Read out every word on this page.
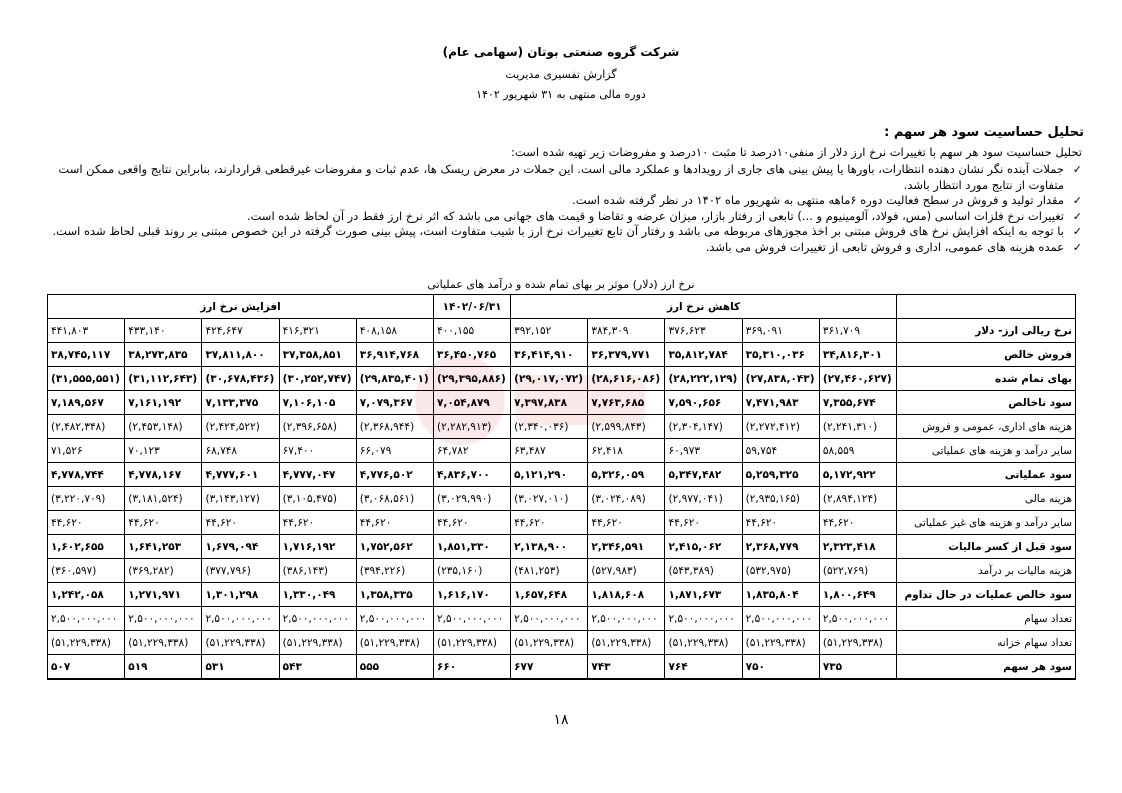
شرکت گروه صنعتی بوتان (سهامی عام)
گزارش تفسیری مدیریت
دوره مالی منتهی به ۳۱ شهریور ۱۴۰۲
تحلیل حساسیت سود هر سهم :
تحلیل حساسیت سود هر سهم با تغییرات نرخ ارز دلار از منفی۱۰درصد تا مثبت ۱۰درصد و مفروضات زیر تهیه شده است:
✓
جملات آینده نگر نشان دهنده انتظارات، باورها یا پیش بینی های جاری از رویدادها و عملکرد مالی است. این جملات در معرض ریسک ها، عدم ثبات و مفروضات غیرقطعی قراردارند، بنابراین نتایج واقعی ممکن است متفاوت از نتایج مورد انتظار باشد.
✓
مقدار تولید و فروش در سطح فعالیت دوره ۶ماهه منتهی به شهریور ماه ۱۴۰۲ در نظر گرفته شده است.
✓
تغییرات نرخ فلزات اساسی (مس، فولاد، آلومینیوم و ...) تابعی از رفتار بازار، میزان عرضه و تقاضا و قیمت های جهانی می باشد که اثر نرخ ارز فقط در آن لحاظ شده است.
✓
با توجه به اینکه افزایش نرخ های فروش مبتنی بر اخذ مجوزهای مربوطه می باشد و رفتار آن تابع تغییرات نرخ ارز با شیب متفاوت است، پیش بینی صورت گرفته در این خصوص مبتنی بر روند قبلی لحاظ شده است.
✓
عمده هزینه های عمومی، اداری و فروش تابعی از تغییرات فروش می باشد.
نرخ ارز (دلار) موثر بر بهای تمام شده و درآمد های عملیاتی
	کاهش نرخ ارز					۱۴۰۲/۰۶/۳۱	افزایش نرخ ارز				
نرخ ریالی ارز- دلار	۳۶۱,۷۰۹	۳۶۹,۰۹۱	۳۷۶,۶۲۳	۳۸۴,۳۰۹	۳۹۲,۱۵۲	۴۰۰,۱۵۵	۴۰۸,۱۵۸	۴۱۶,۳۲۱	۴۲۴,۶۴۷	۴۳۳,۱۴۰	۴۴۱,۸۰۳
فروش خالص	۳۴,۸۱۶,۳۰۱	۳۵,۳۱۰,۰۳۶	۳۵,۸۱۲,۷۸۴	۳۶,۳۷۹,۷۷۱	۳۶,۴۱۴,۹۱۰	۳۶,۴۵۰,۷۶۵	۳۶,۹۱۴,۷۶۸	۳۷,۳۵۸,۸۵۱	۳۷,۸۱۱,۸۰۰	۳۸,۲۷۳,۸۳۵	۳۸,۷۴۵,۱۱۷
بهای تمام شده	(۲۷,۴۶۰,۶۲۷)	(۲۷,۸۳۸,۰۴۳)	(۲۸,۲۲۲,۱۲۹)	(۲۸,۶۱۶,۰۸۶)	(۲۹,۰۱۷,۰۷۲)	(۲۹,۳۹۵,۸۸۶)	(۲۹,۸۳۵,۴۰۱)	(۳۰,۲۵۲,۷۴۷)	(۳۰,۶۷۸,۴۳۶)	(۳۱,۱۱۲,۶۴۳)	(۳۱,۵۵۵,۵۵۱)
سود ناخالص	۷,۳۵۵,۶۷۴	۷,۴۷۱,۹۸۳	۷,۵۹۰,۶۵۶	۷,۷۶۳,۶۸۵	۷,۳۹۷,۸۳۸	۷,۰۵۴,۸۷۹	۷,۰۷۹,۳۶۷	۷,۱۰۶,۱۰۵	۷,۱۳۳,۳۷۵	۷,۱۶۱,۱۹۲	۷,۱۸۹,۵۶۷
هزینه های اداری، عمومی و فروش	(۲,۲۴۱,۳۱۰)	(۲,۲۷۲,۴۱۲)	(۲,۳۰۴,۱۴۷)	(۲,۵۹۹,۸۴۳)	(۲,۳۴۰,۰۳۶)	(۲,۲۸۲,۹۱۳)	(۲,۳۶۸,۹۴۴)	(۲,۳۹۶,۶۵۸)	(۲,۴۲۴,۵۲۲)	(۲,۴۵۳,۱۴۸)	(۲,۴۸۲,۳۴۸)
سایر درآمد و هزینه های عملیاتی	۵۸,۵۵۹	۵۹,۷۵۴	۶۰,۹۷۳	۶۲,۴۱۸	۶۳,۴۸۷	۶۴,۷۸۲	۶۶,۰۷۹	۶۷,۴۰۰	۶۸,۷۴۸	۷۰,۱۲۳	۷۱,۵۲۶
سود عملیاتی	۵,۱۷۲,۹۲۲	۵,۲۵۹,۳۲۵	۵,۳۴۷,۴۸۲	۵,۳۲۶,۰۵۹	۵,۱۲۱,۲۹۰	۴,۸۳۶,۷۰۰	۴,۷۷۶,۵۰۲	۴,۷۷۷,۰۴۷	۴,۷۷۷,۶۰۱	۴,۷۷۸,۱۶۷	۴,۷۷۸,۷۴۴
هزینه مالی	(۲,۸۹۴,۱۲۴)	(۲,۹۳۵,۱۶۵)	(۲,۹۷۷,۰۴۱)	(۳,۰۲۴,۰۸۹)	(۳,۰۲۷,۰۱۰)	(۳,۰۲۹,۹۹۰)	(۳,۰۶۸,۵۶۱)	(۳,۱۰۵,۴۷۵)	(۳,۱۴۳,۱۲۷)	(۳,۱۸۱,۵۲۴)	(۳,۲۲۰,۷۰۹)
سایر درآمد و هزینه های غیر عملیاتی	۴۴,۶۲۰	۴۴,۶۲۰	۴۴,۶۲۰	۴۴,۶۲۰	۴۴,۶۲۰	۴۴,۶۲۰	۴۴,۶۲۰	۴۴,۶۲۰	۴۴,۶۲۰	۴۴,۶۲۰	۴۴,۶۲۰
سود قبل از کسر مالیات	۲,۳۲۳,۴۱۸	۲,۳۶۸,۷۷۹	۲,۴۱۵,۰۶۲	۲,۳۴۶,۵۹۱	۲,۱۳۸,۹۰۰	۱,۸۵۱,۳۳۰	۱,۷۵۲,۵۶۲	۱,۷۱۶,۱۹۲	۱,۶۷۹,۰۹۴	۱,۶۴۱,۲۵۳	۱,۶۰۲,۶۵۵
هزینه مالیات بر درآمد	(۵۲۲,۷۶۹)	(۵۳۲,۹۷۵)	(۵۴۳,۳۸۹)	(۵۲۷,۹۸۳)	(۴۸۱,۲۵۳)	(۲۳۵,۱۶۰)	(۳۹۴,۲۲۶)	(۳۸۶,۱۴۳)	(۳۷۷,۷۹۶)	(۳۶۹,۲۸۲)	(۳۶۰,۵۹۷)
سود خالص عملیات در حال تداوم	۱,۸۰۰,۶۴۹	۱,۸۳۵,۸۰۴	۱,۸۷۱,۶۷۳	۱,۸۱۸,۶۰۸	۱,۶۵۷,۶۴۸	۱,۶۱۶,۱۷۰	۱,۳۵۸,۳۳۵	۱,۳۳۰,۰۴۹	۱,۳۰۱,۲۹۸	۱,۲۷۱,۹۷۱	۱,۲۴۲,۰۵۸
تعداد سهام	۲,۵۰۰,۰۰۰,۰۰۰	۲,۵۰۰,۰۰۰,۰۰۰	۲,۵۰۰,۰۰۰,۰۰۰	۲,۵۰۰,۰۰۰,۰۰۰	۲,۵۰۰,۰۰۰,۰۰۰	۲,۵۰۰,۰۰۰,۰۰۰	۲,۵۰۰,۰۰۰,۰۰۰	۲,۵۰۰,۰۰۰,۰۰۰	۲,۵۰۰,۰۰۰,۰۰۰	۲,۵۰۰,۰۰۰,۰۰۰	۲,۵۰۰,۰۰۰,۰۰۰
تعداد سهام خزانه	(۵۱,۲۲۹,۳۳۸)	(۵۱,۲۲۹,۳۳۸)	(۵۱,۲۲۹,۳۳۸)	(۵۱,۲۲۹,۳۳۸)	(۵۱,۲۲۹,۳۳۸)	(۵۱,۲۲۹,۳۳۸)	(۵۱,۲۲۹,۳۳۸)	(۵۱,۲۲۹,۳۳۸)	(۵۱,۲۲۹,۳۳۸)	(۵۱,۲۲۹,۳۳۸)	(۵۱,۲۲۹,۳۳۸)
سود هر سهم	۷۳۵	۷۵۰	۷۶۴	۷۴۳	۶۷۷	۶۶۰	۵۵۵	۵۴۳	۵۳۱	۵۱۹	۵۰۷
۱۸
